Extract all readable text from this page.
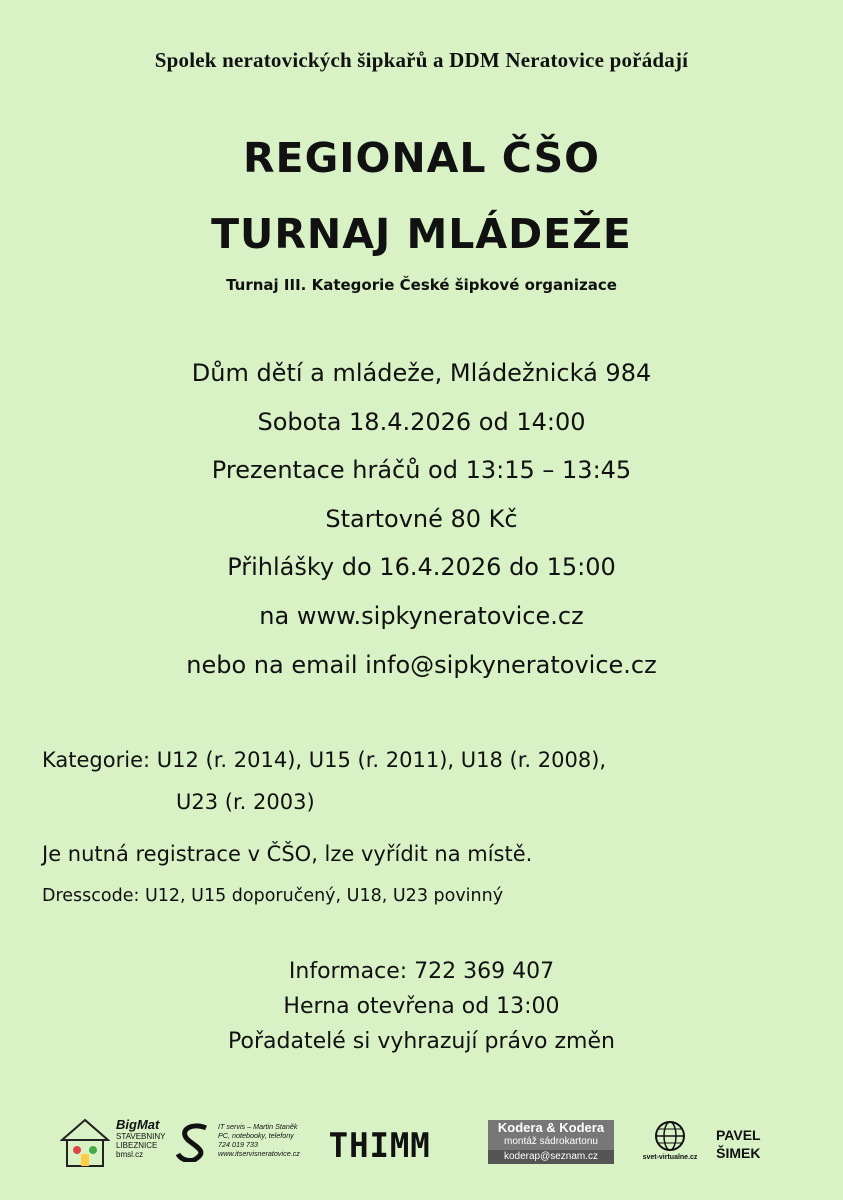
Spolek neratovických šipkařů a DDM Neratovice pořádají
REGIONAL ČŠO
TURNAJ MLÁDEŽE
Turnaj III. Kategorie České šipkové organizace
Dům dětí a mládeže, Mládežnická 984
Sobota 18.4.2026 od 14:00
Prezentace hráčů od 13:15 – 13:45
Startovné 80 Kč
Přihlášky do 16.4.2026 do 15:00
na www.sipkyneratovice.cz
nebo na email info@sipkyneratovice.cz
Kategorie: U12 (r. 2014), U15 (r. 2011), U18 (r. 2008),
U23 (r. 2003)
Je nutná registrace v ČŠO, lze vyřídit na místě.
Dresscode: U12, U15 doporučený, U18, U23 povinný
Informace: 722 369 407
Herna otevřena od 13:00
Pořadatelé si vyhrazují právo změn
BigMat
STAVEBNINY
LIBEZNICE
bmsl.cz
IT servis – Martin Staněk
PC, notebooky, telefony
724 019 733
www.itservisneratovice.cz THIMM	Kodera & Kodera
montáž sádrokartonu
koderap@seznam.cz	svet-virtualne.cz
PAVEL
ŠIMEK
